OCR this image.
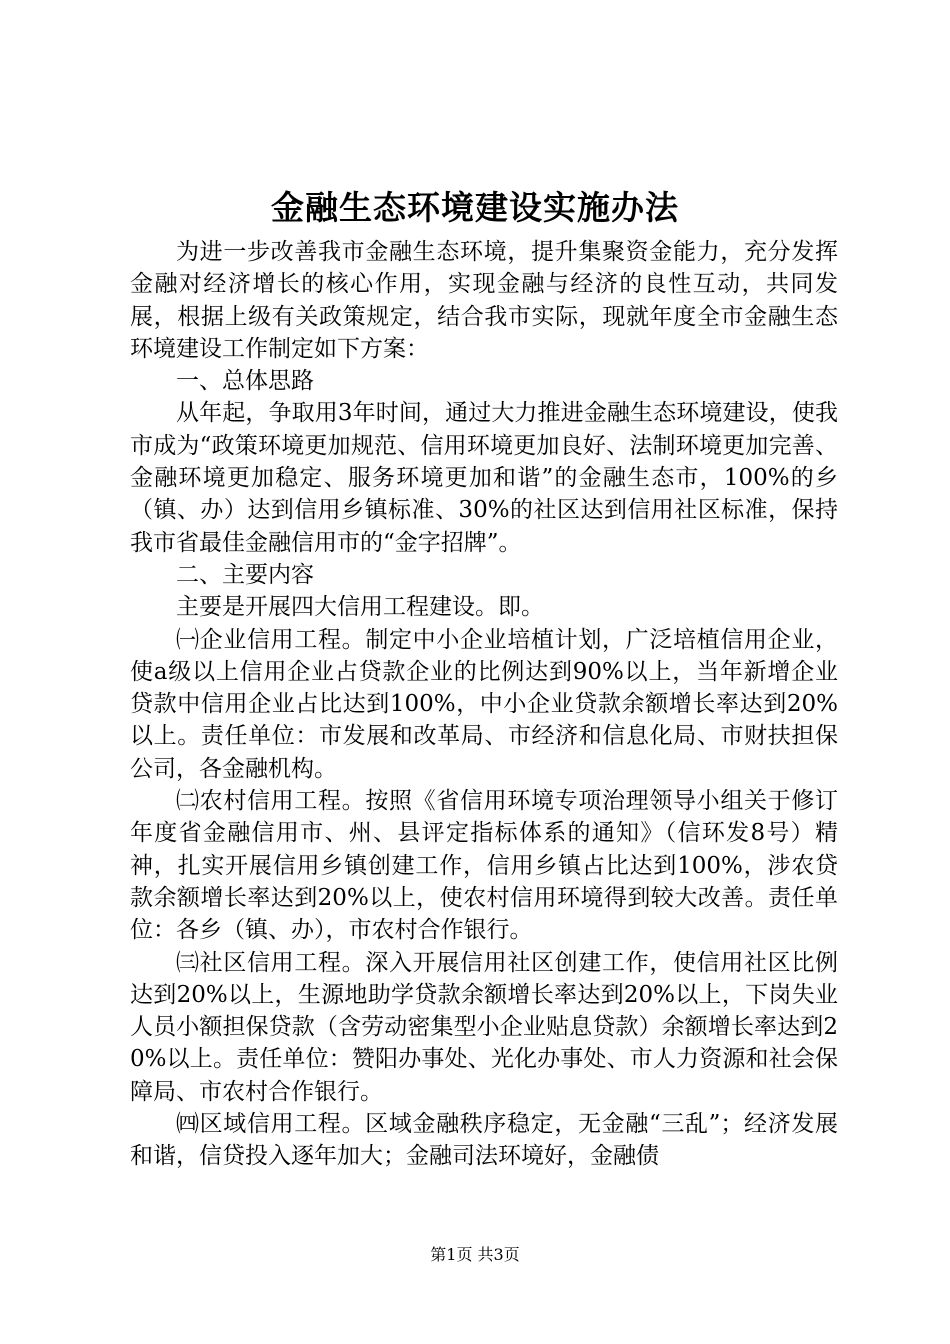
金融生态环境建设实施办法

为进一步改善我市金融生态环境，提升集聚资金能力，充分发挥金融对经济增长的核心作用，实现金融与经济的良性互动，共同发展，根据上级有关政策规定，结合我市实际，现就年度全市金融生态环境建设工作制定如下方案：

一、总体思路

从年起，争取用3年时间，通过大力推进金融生态环境建设，使我市成为“政策环境更加规范、信用环境更加良好、法制环境更加完善、金融环境更加稳定、服务环境更加和谐”的金融生态市，100%的乡（镇、办）达到信用乡镇标准、30%的社区达到信用社区标准，保持我市省最佳金融信用市的“金字招牌”。

二、主要内容

主要是开展四大信用工程建设。即。

㈠企业信用工程。制定中小企业培植计划，广泛培植信用企业，使a级以上信用企业占贷款企业的比例达到90%以上，当年新增企业贷款中信用企业占比达到100%，中小企业贷款余额增长率达到20%以上。责任单位：市发展和改革局、市经济和信息化局、市财扶担保公司，各金融机构。

㈡农村信用工程。按照《省信用环境专项治理领导小组关于修订年度省金融信用市、州、县评定指标体系的通知》（信环发8号）精神，扎实开展信用乡镇创建工作，信用乡镇占比达到100%，涉农贷款余额增长率达到20%以上，使农村信用环境得到较大改善。责任单位：各乡（镇、办），市农村合作银行。

㈢社区信用工程。深入开展信用社区创建工作，使信用社区比例达到20%以上，生源地助学贷款余额增长率达到20%以上，下岗失业人员小额担保贷款（含劳动密集型小企业贴息贷款）余额增长率达到20%以上。责任单位：赞阳办事处、光化办事处、市人力资源和社会保障局、市农村合作银行。

㈣区域信用工程。区域金融秩序稳定，无金融“三乱”；经济发展和谐，信贷投入逐年加大；金融司法环境好，金融债

第1页 共3页
